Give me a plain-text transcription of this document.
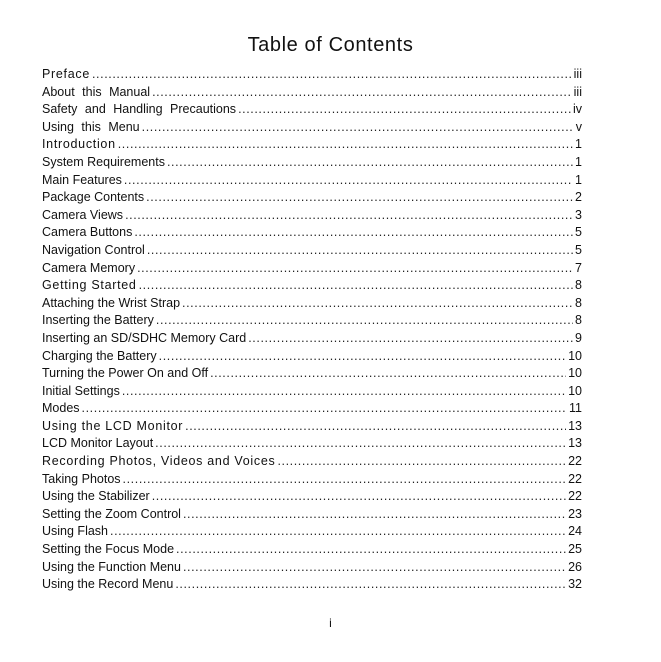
Table of Contents
Preface .....	iii
About this Manual .....	iii
Safety and Handling Precautions .....	iv
Using this Menu .....	v
Introduction .....	1
System Requirements .....	1
Main Features .....	1
Package Contents .....	2
Camera Views .....	3
Camera Buttons .....	5
Navigation Control .....	5
Camera Memory .....	7
Getting Started .....	8
Attaching the Wrist Strap .....	8
Inserting the Battery .....	8
Inserting an SD/SDHC Memory Card .....	9
Charging the Battery .....	10
Turning the Power On and Off .....	10
Initial Settings .....	10
Modes .....	11
Using the LCD Monitor .....	13
LCD Monitor Layout .....	13
Recording Photos, Videos and Voices .....	22
Taking Photos .....	22
Using the Stabilizer .....	22
Setting the Zoom Control .....	23
Using Flash .....	24
Setting the Focus Mode .....	25
Using the Function Menu .....	26
Using the Record Menu .....	32
i
